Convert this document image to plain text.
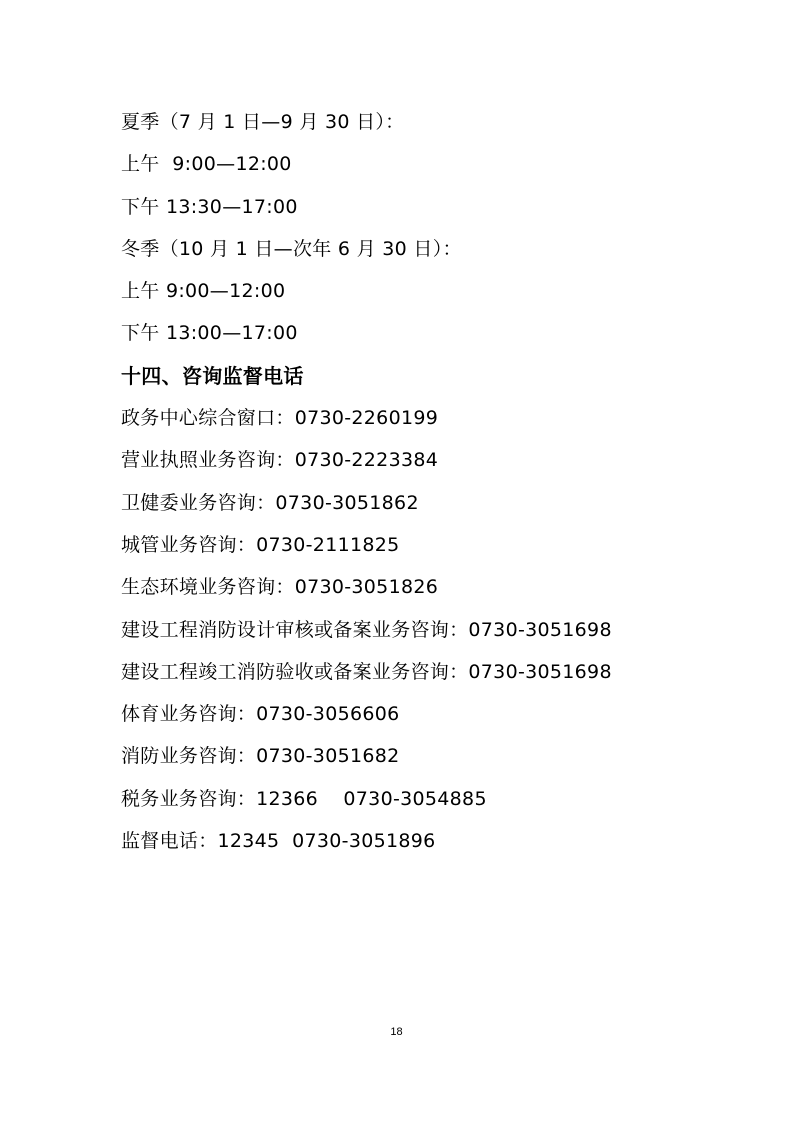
夏季（7 月 1 日—9 月 30 日）：
上午  9:00—12:00
下午 13:30—17:00
冬季（10 月 1 日—次年 6 月 30 日）：
上午 9:00—12:00
下午 13:00—17:00
十四、咨询监督电话
政务中心综合窗口：0730-2260199
营业执照业务咨询：0730-2223384
卫健委业务咨询：0730-3051862
城管业务咨询：0730-2111825
生态环境业务咨询：0730-3051826
建设工程消防设计审核或备案业务咨询：0730-3051698
建设工程竣工消防验收或备案业务咨询：0730-3051698
体育业务咨询：0730-3056606
消防业务咨询：0730-3051682
税务业务咨询：12366    0730-3054885
监督电话：12345  0730-3051896
18
